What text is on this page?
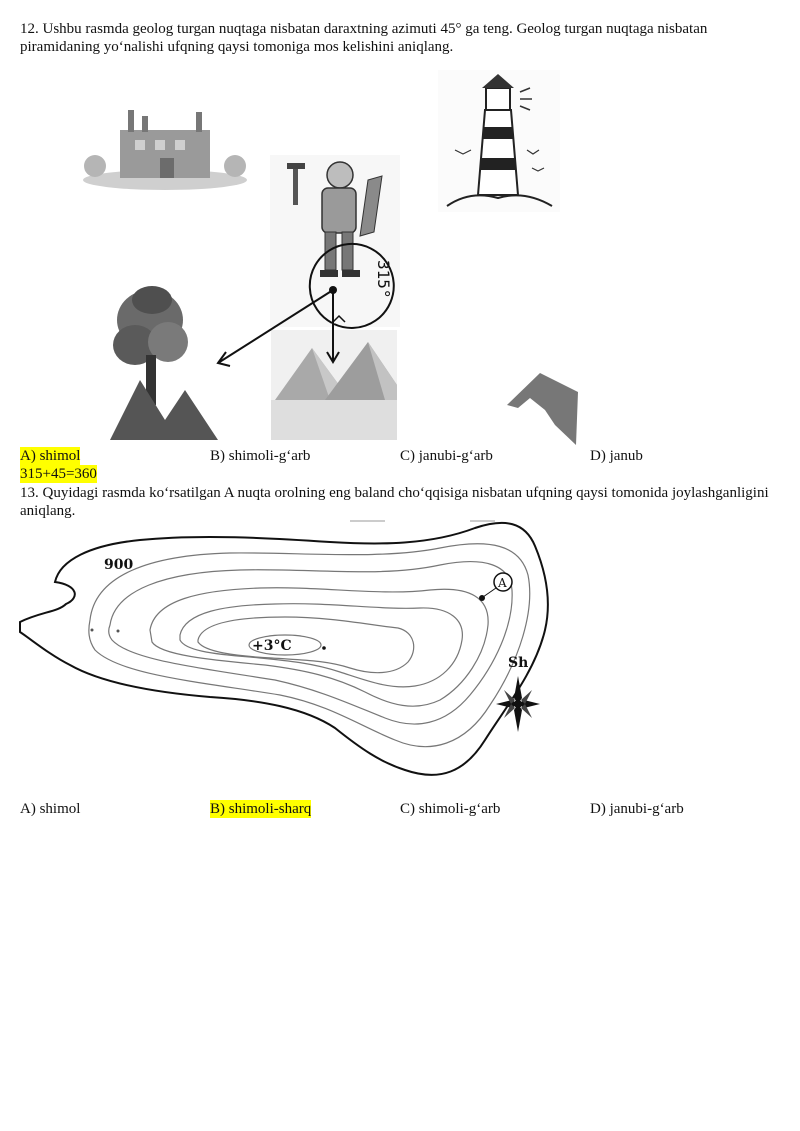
12. Ushbu rasmda geolog turgan nuqtaga nisbatan daraxtning azimuti 45° ga teng. Geolog turgan nuqtaga nisbatan piramidaning yoʻnalishi ufqning qaysi tomoniga mos kelishini aniqlang.
315°
A) shimol	B) shimoli-gʻarb	C) janubi-gʻarb	D) janub
315+45=360
13. Quyidagi rasmda koʻrsatilgan A nuqta orolning eng baland choʻqqisiga nisbatan ufqning qaysi tomonida joylashganligini aniqlang.
900
+3°C
A
Sh
A) shimol	B) shimoli-sharq	C) shimoli-gʻarb	D) janubi-gʻarb
